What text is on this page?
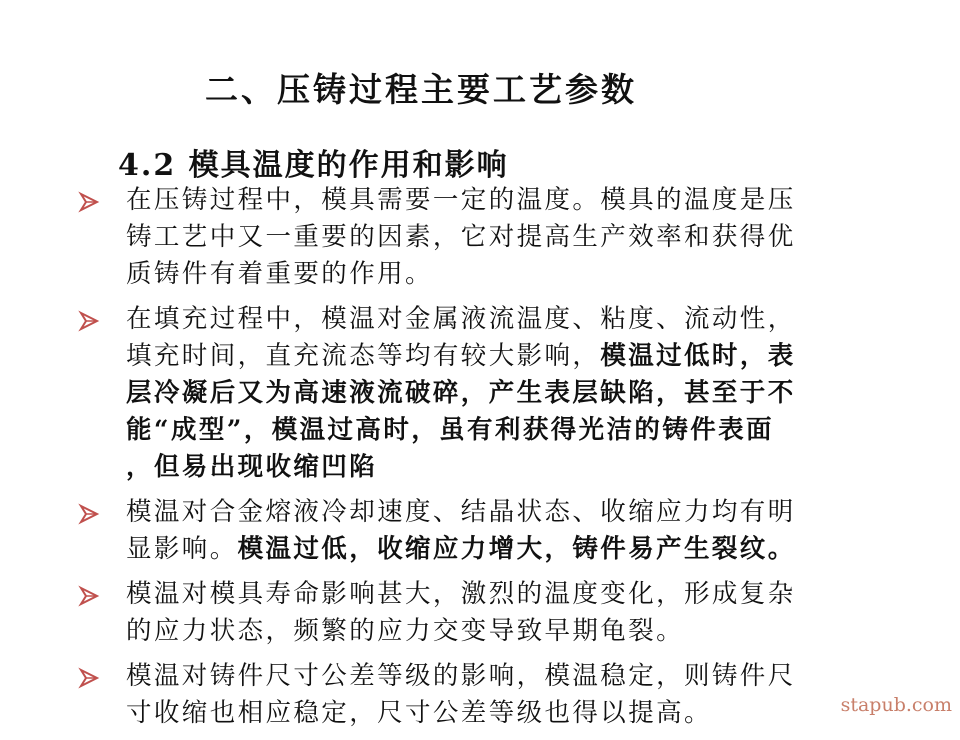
二、压铸过程主要工艺参数
4.2 模具温度的作用和影响
在压铸过程中，模具需要一定的温度。模具的温度是压
铸工艺中又一重要的因素，它对提高生产效率和获得优
质铸件有着重要的作用。
在填充过程中，模温对金属液流温度、粘度、流动性，
填充时间，直充流态等均有较大影响，模温过低时，表
层冷凝后又为高速液流破碎，产生表层缺陷，甚至于不
能“成型”，模温过高时，虽有利获得光洁的铸件表面
，但易出现收缩凹陷
模温对合金熔液冷却速度、结晶状态、收缩应力均有明
显影响。模温过低，收缩应力增大，铸件易产生裂纹。
模温对模具寿命影响甚大，激烈的温度变化，形成复杂
的应力状态，频繁的应力交变导致早期龟裂。
模温对铸件尺寸公差等级的影响，模温稳定，则铸件尺
寸收缩也相应稳定，尺寸公差等级也得以提高。	stapub.com
